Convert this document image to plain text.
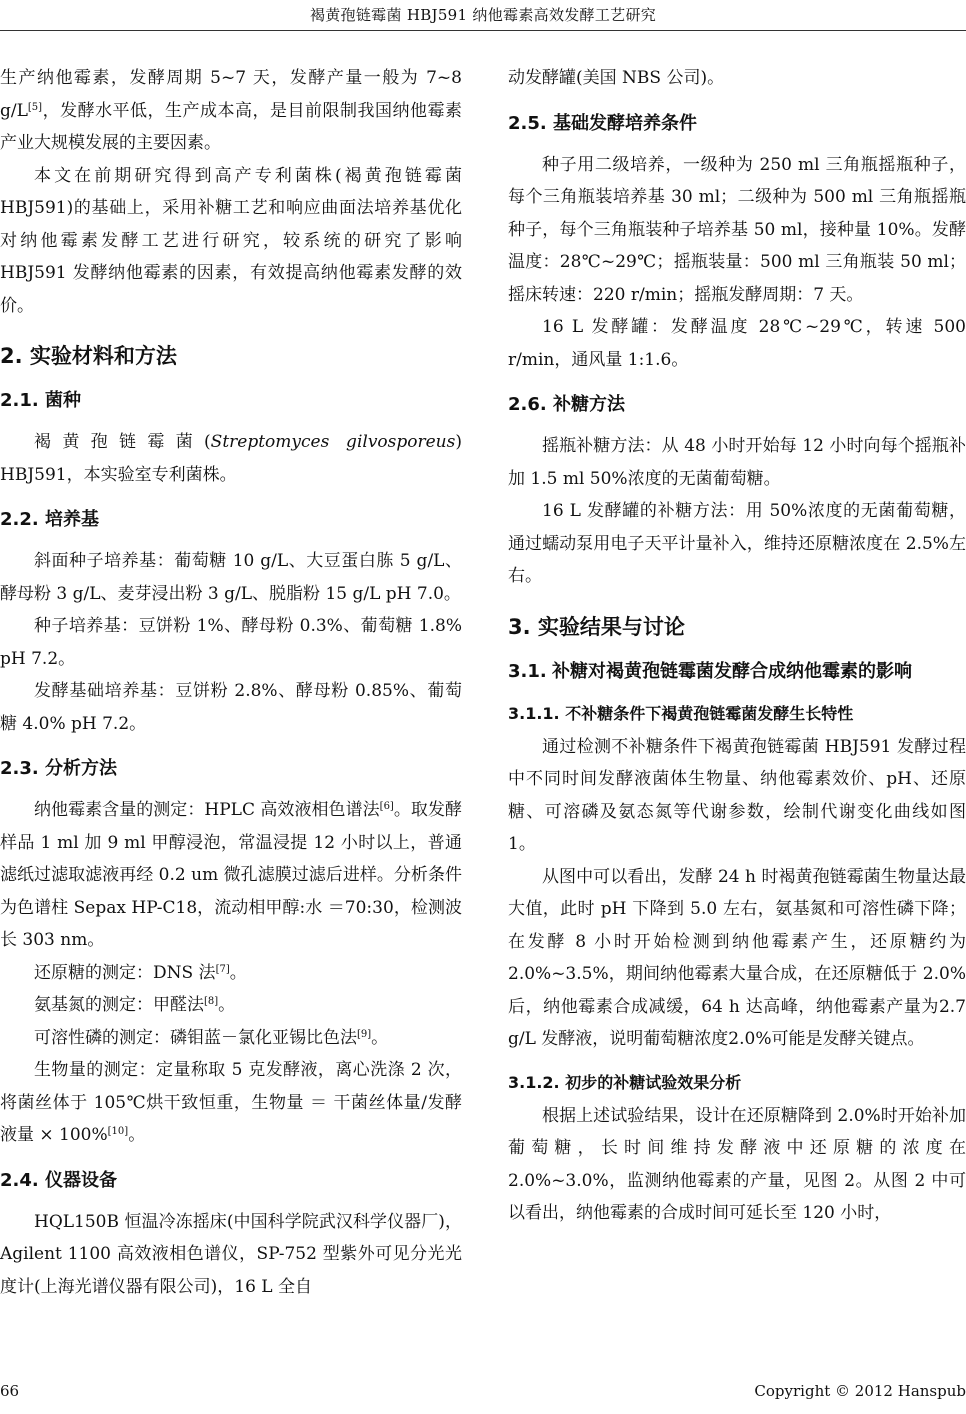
褐黄孢链霉菌 HBJ591 纳他霉素高效发酵工艺研究

生产纳他霉素，发酵周期 5~7 天，发酵产量一般为 7~8 g/L[5]，发酵水平低，生产成本高，是目前限制我国纳他霉素产业大规模发展的主要因素。

本文在前期研究得到高产专利菌株(褐黄孢链霉菌 HBJ591)的基础上，采用补糖工艺和响应曲面法培养基优化对纳他霉素发酵工艺进行研究，较系统的研究了影响 HBJ591 发酵纳他霉素的因素，有效提高纳他霉素发酵的效价。

2. 实验材料和方法
2.1. 菌种

褐黄孢链霉菌(Streptomyces gilvosporeus) HBJ591，本实验室专利菌株。

2.2. 培养基

斜面种子培养基：葡萄糖 10 g/L、大豆蛋白胨 5 g/L、酵母粉 3 g/L、麦芽浸出粉 3 g/L、脱脂粉 15 g/L pH 7.0。

种子培养基：豆饼粉 1%、酵母粉 0.3%、葡萄糖 1.8% pH 7.2。

发酵基础培养基：豆饼粉 2.8%、酵母粉 0.85%、葡萄糖 4.0% pH 7.2。

2.3. 分析方法

纳他霉素含量的测定：HPLC 高效液相色谱法[6]。取发酵样品 1 ml 加 9 ml 甲醇浸泡，常温浸提 12 小时以上，普通滤纸过滤取滤液再经 0.2 um 微孔滤膜过滤后进样。分析条件为色谱柱 Sepax HP-C18，流动相甲醇:水 ＝70:30，检测波长 303 nm。

还原糖的测定：DNS 法[7]。

氨基氮的测定：甲醛法[8]。

可溶性磷的测定：磷钼蓝－氯化亚锡比色法[9]。

生物量的测定：定量称取 5 克发酵液，离心洗涤 2 次，将菌丝体于 105℃烘干致恒重，生物量 ＝ 干菌丝体量/发酵液量 × 100%[10]。

2.4. 仪器设备

HQL150B 恒温冷冻摇床(中国科学院武汉科学仪器厂)，Agilent 1100 高效液相色谱仪，SP-752 型紫外可见分光光度计(上海光谱仪器有限公司)，16 L 全自

动发酵罐(美国 NBS 公司)。

2.5. 基础发酵培养条件

种子用二级培养，一级种为 250 ml 三角瓶摇瓶种子，每个三角瓶装培养基 30 ml；二级种为 500 ml 三角瓶摇瓶种子，每个三角瓶装种子培养基 50 ml，接种量 10%。发酵温度：28℃~29℃；摇瓶装量：500 ml 三角瓶装 50 ml；摇床转速：220 r/min；摇瓶发酵周期：7 天。

16 L 发酵罐：发酵温度 28℃~29℃，转速 500 r/min，通风量 1:1.6。

2.6. 补糖方法

摇瓶补糖方法：从 48 小时开始每 12 小时向每个摇瓶补加 1.5 ml 50%浓度的无菌葡萄糖。

16 L 发酵罐的补糖方法：用 50%浓度的无菌葡萄糖，通过蠕动泵用电子天平计量补入，维持还原糖浓度在 2.5%左右。

3. 实验结果与讨论
3.1. 补糖对褐黄孢链霉菌发酵合成纳他霉素的影响
3.1.1. 不补糖条件下褐黄孢链霉菌发酵生长特性

通过检测不补糖条件下褐黄孢链霉菌 HBJ591 发酵过程中不同时间发酵液菌体生物量、纳他霉素效价、pH、还原糖、可溶磷及氨态氮等代谢参数，绘制代谢变化曲线如图 1。

从图中可以看出，发酵 24 h 时褐黄孢链霉菌生物量达最大值，此时 pH 下降到 5.0 左右，氨基氮和可溶性磷下降；在发酵 8 小时开始检测到纳他霉素产生，还原糖约为 2.0%~3.5%，期间纳他霉素大量合成，在还原糖低于 2.0%后，纳他霉素合成减缓，64 h 达高峰，纳他霉素产量为2.7 g/L 发酵液，说明葡萄糖浓度2.0%可能是发酵关键点。

3.1.2. 初步的补糖试验效果分析

根据上述试验结果，设计在还原糖降到 2.0%时开始补加葡萄糖，长时间维持发酵液中还原糖的浓度在 2.0%~3.0%，监测纳他霉素的产量，见图 2。从图 2 中可以看出，纳他霉素的合成时间可延长至 120 小时，

66	Copyright © 2012 Hanspub
